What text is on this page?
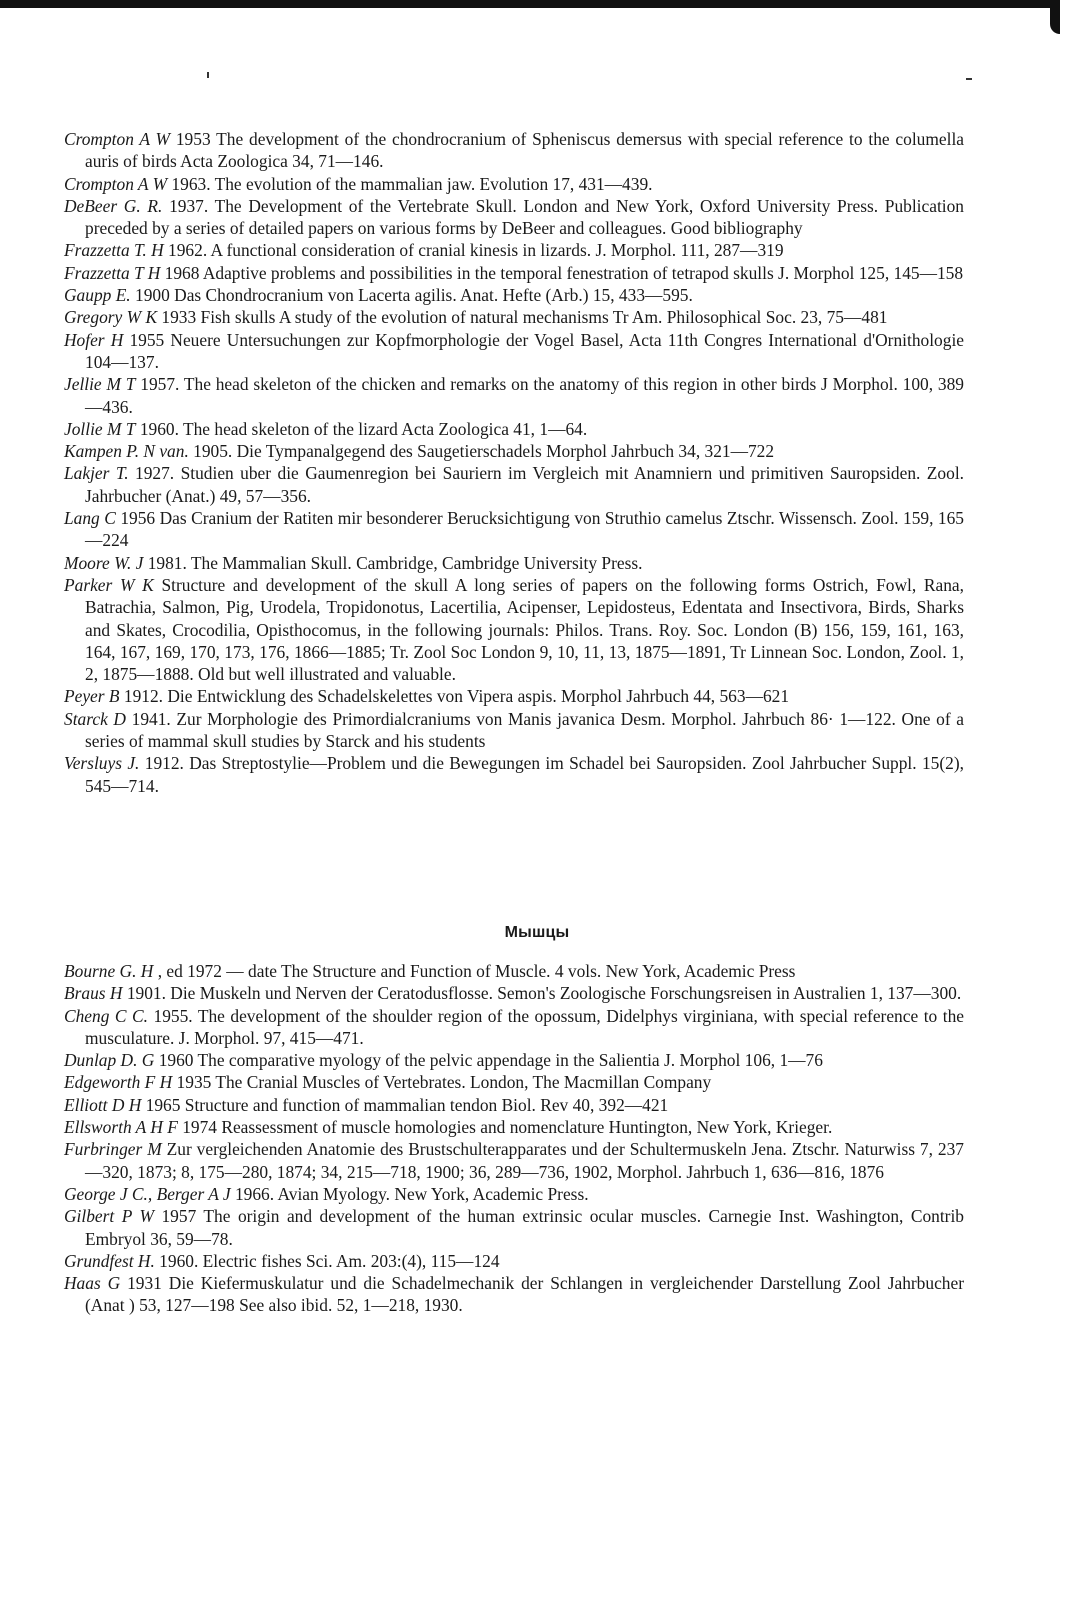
Crompton A W 1953 The development of the chondrocranium of Spheniscus demersus with special reference to the columella auris of birds Acta Zoologica 34, 71—146.

Crompton A W 1963. The evolution of the mammalian jaw. Evolution 17, 431—439.

DeBeer G. R. 1937. The Development of the Vertebrate Skull. London and New York, Oxford University Press. Publication preceded by a series of detailed papers on various forms by DeBeer and colleagues. Good bibliography

Frazzetta T. H 1962. A functional consideration of cranial kinesis in lizards. J. Morphol. 111, 287—319

Frazzetta T H 1968 Adaptive problems and possibilities in the temporal fenestration of tetrapod skulls J. Morphol 125, 145—158

Gaupp E. 1900 Das Chondrocranium von Lacerta agilis. Anat. Hefte (Arb.) 15, 433—595.

Gregory W K 1933 Fish skulls A study of the evolution of natural mechanisms Tr Am. Philosophical Soc. 23, 75—481

Hofer H 1955 Neuere Untersuchungen zur Kopfmorphologie der Vogel Basel, Acta 11th Congres International d'Ornithologie 104—137.

Jellie M T 1957. The head skeleton of the chicken and remarks on the anatomy of this region in other birds J Morphol. 100, 389—436.

Jollie M T 1960. The head skeleton of the lizard Acta Zoologica 41, 1—64.

Kampen P. N van. 1905. Die Tympanalgegend des Saugetierschadels Morphol Jahrbuch 34, 321—722

Lakjer T. 1927. Studien uber die Gaumenregion bei Sauriern im Vergleich mit Anamniern und primitiven Sauropsiden. Zool. Jahrbucher (Anat.) 49, 57—356.

Lang C 1956 Das Cranium der Ratiten mir besonderer Berucksichtigung von Struthio camelus Ztschr. Wissensch. Zool. 159, 165—224

Moore W. J 1981. The Mammalian Skull. Cambridge, Cambridge University Press.

Parker W K Structure and development of the skull A long series of papers on the following forms Ostrich, Fowl, Rana, Batrachia, Salmon, Pig, Urodela, Tropidonotus, Lacertilia, Acipenser, Lepidosteus, Edentata and Insectivora, Birds, Sharks and Skates, Crocodilia, Opisthocomus, in the following journals: Philos. Trans. Roy. Soc. London (B) 156, 159, 161, 163, 164, 167, 169, 170, 173, 176, 1866—1885; Tr. Zool Soc London 9, 10, 11, 13, 1875—1891, Tr Linnean Soc. London, Zool. 1, 2, 1875—1888. Old but well illustrated and valuable.

Peyer B 1912. Die Entwicklung des Schadelskelettes von Vipera aspis. Morphol Jahrbuch 44, 563—621

Starck D 1941. Zur Morphologie des Primordialcraniums von Manis javanica Desm. Morphol. Jahrbuch 86· 1—122. One of a series of mammal skull studies by Starck and his students

Versluys J. 1912. Das Streptostylie—Problem und die Bewegungen im Schadel bei Sauropsiden. Zool Jahrbucher Suppl. 15(2), 545—714.

Мышцы

Bourne G. H , ed 1972 — date The Structure and Function of Muscle. 4 vols. New York, Academic Press

Braus H 1901. Die Muskeln und Nerven der Ceratodusflosse. Semon's Zoologische Forschungsreisen in Australien 1, 137—300.

Cheng C C. 1955. The development of the shoulder region of the opossum, Didelphys virginiana, with special reference to the musculature. J. Morphol. 97, 415—471.

Dunlap D. G 1960 The comparative myology of the pelvic appendage in the Salientia J. Morphol 106, 1—76

Edgeworth F H 1935 The Cranial Muscles of Vertebrates. London, The Macmillan Company

Elliott D H 1965 Structure and function of mammalian tendon Biol. Rev 40, 392—421

Ellsworth A H F 1974 Reassessment of muscle homologies and nomenclature Huntington, New York, Krieger.

Furbringer M Zur vergleichenden Anatomie des Brustschulterapparates und der Schultermuskeln Jena. Ztschr. Naturwiss 7, 237—320, 1873; 8, 175—280, 1874; 34, 215—718, 1900; 36, 289—736, 1902, Morphol. Jahrbuch 1, 636—816, 1876

George J C., Berger A J 1966. Avian Myology. New York, Academic Press.

Gilbert P W 1957 The origin and development of the human extrinsic ocular muscles. Carnegie Inst. Washington, Contrib Embryol 36, 59—78.

Grundfest H. 1960. Electric fishes Sci. Am. 203:(4), 115—124

Haas G 1931 Die Kiefermuskulatur und die Schadelmechanik der Schlangen in vergleichender Darstellung Zool Jahrbucher (Anat ) 53, 127—198 See also ibid. 52, 1—218, 1930.
